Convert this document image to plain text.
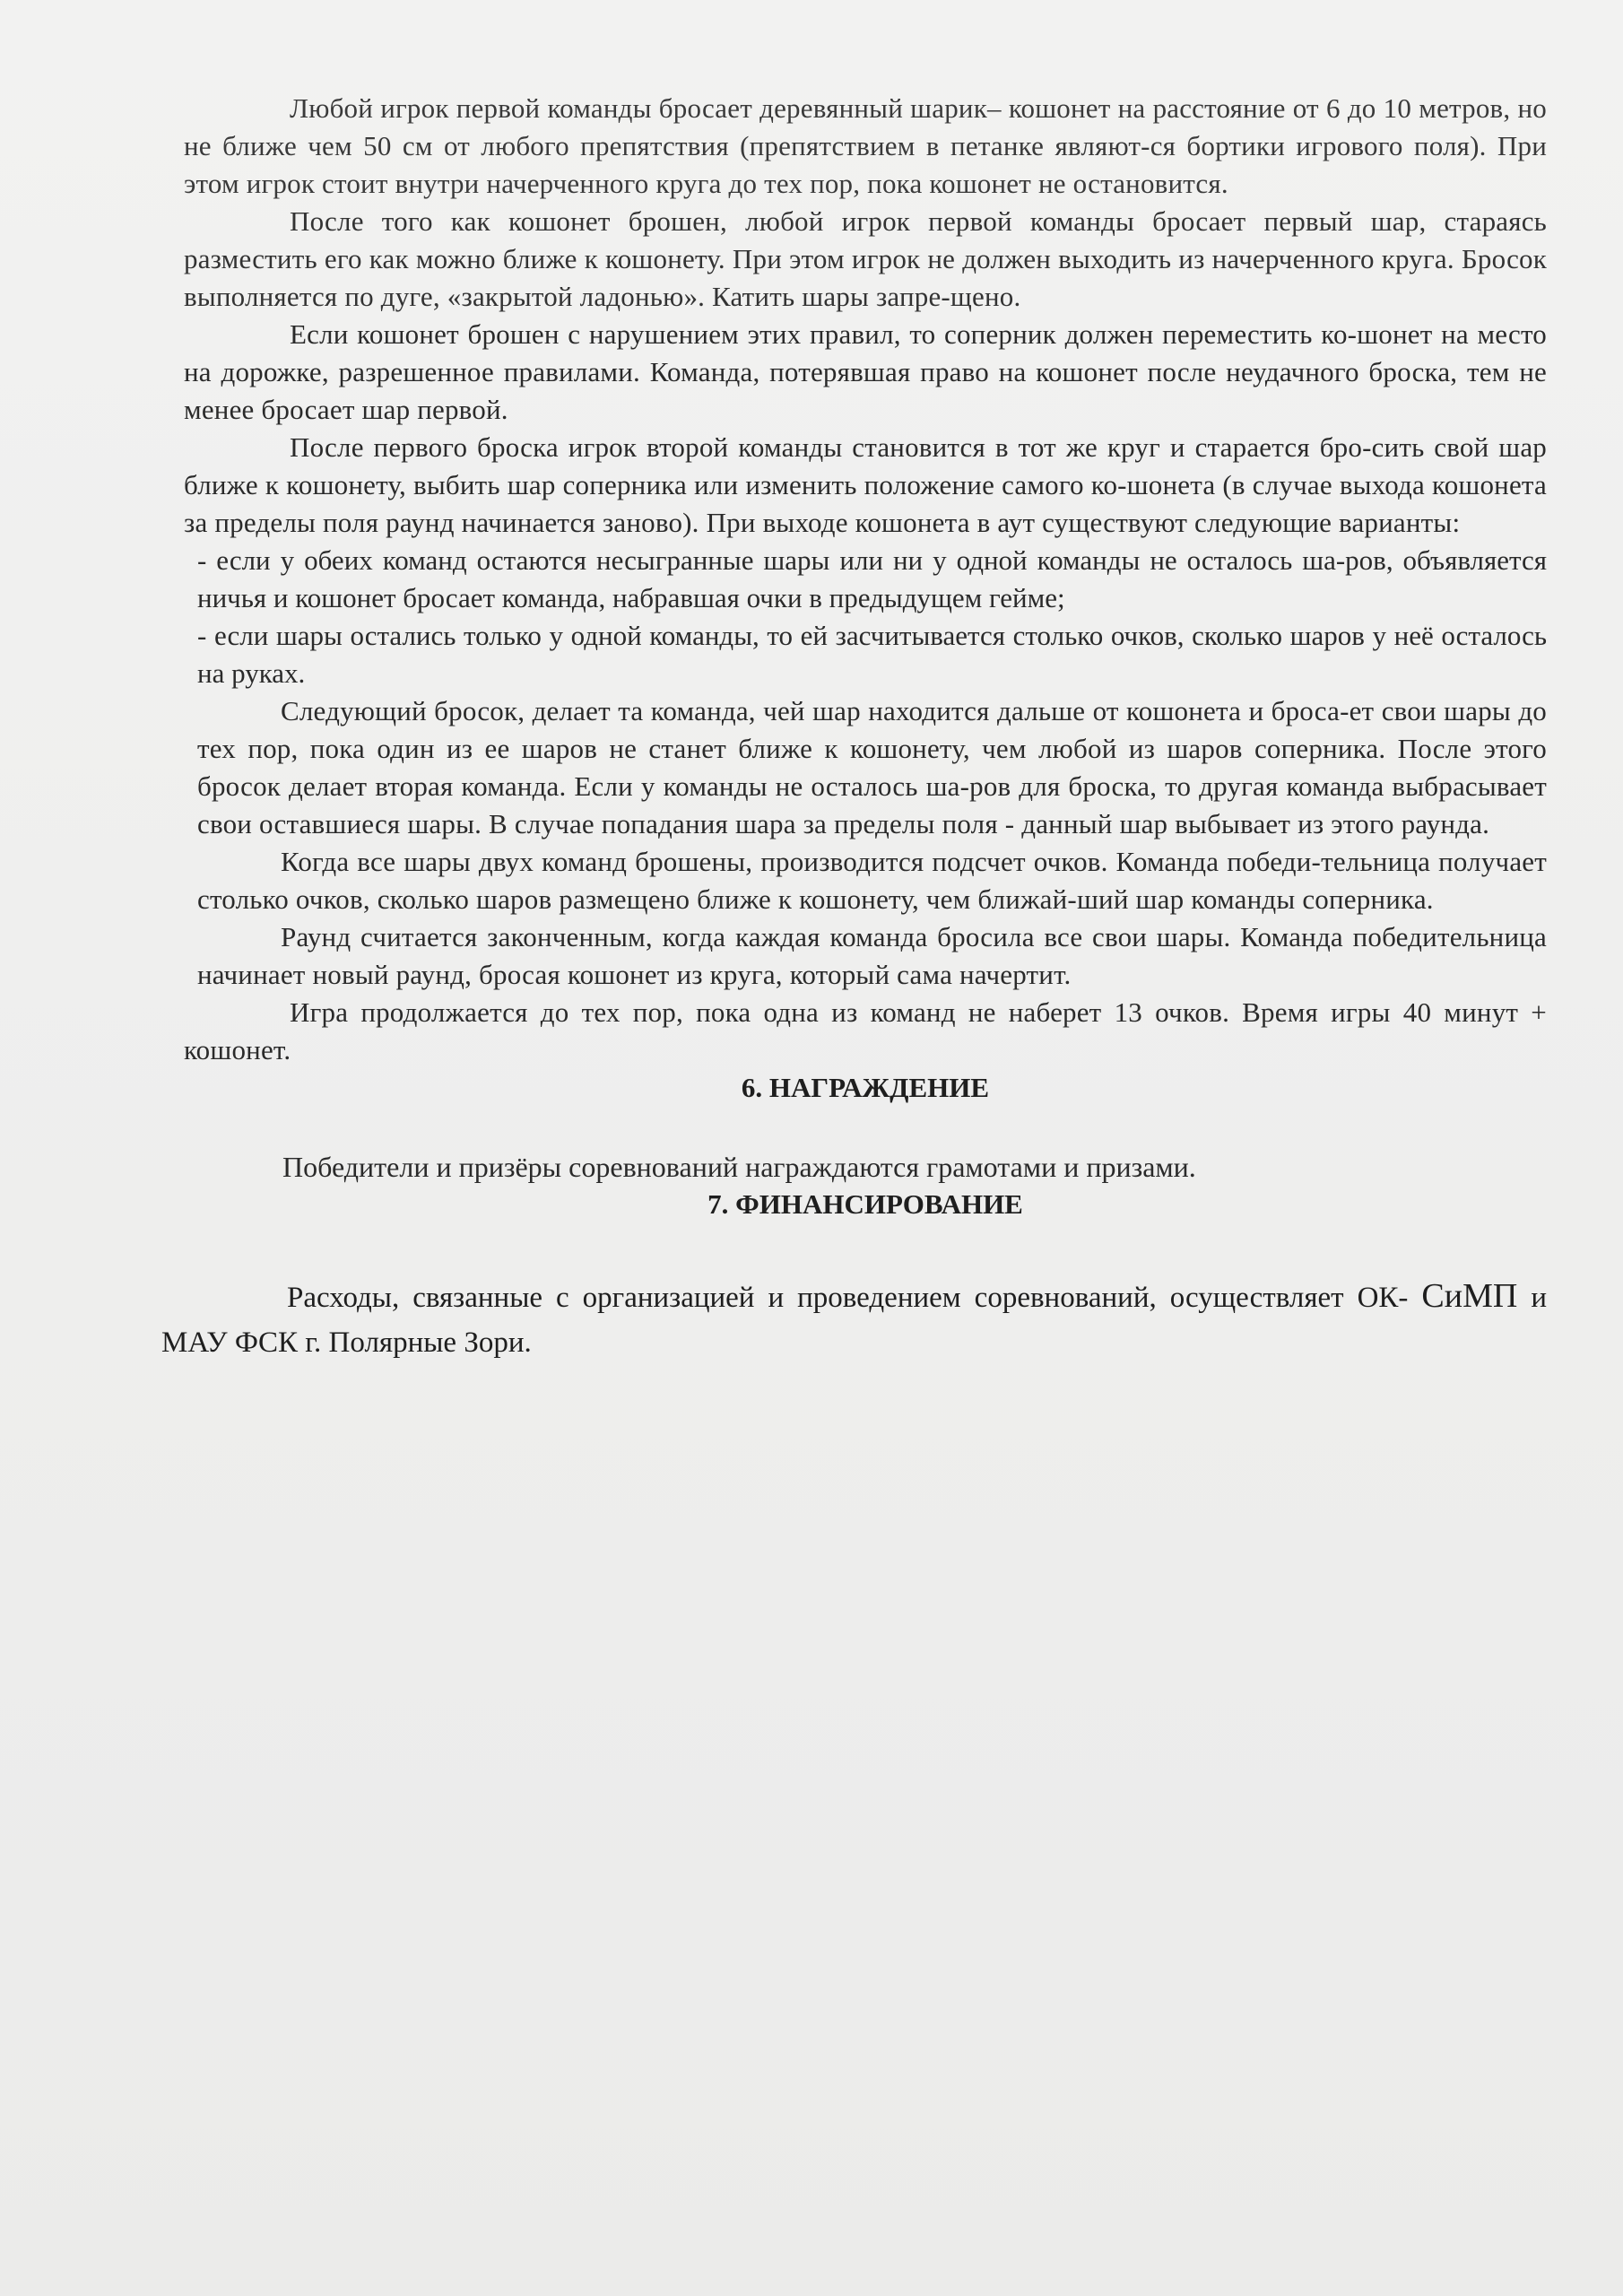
Любой игрок первой команды бросает деревянный шарик– кошонет на расстояние от 6 до 10 метров, но не ближе чем 50 см от любого препятствия (препятствием в петанке являют-ся бортики игрового поля). При этом игрок стоит внутри начерченного круга до тех пор, пока кошонет не остановится.

После того как кошонет брошен, любой игрок первой команды бросает первый шар, стараясь разместить его как можно ближе к кошонету. При этом игрок не должен выходить из начерченного круга. Бросок выполняется по дуге, «закрытой ладонью». Катить шары запре-щено.

Если кошонет брошен с нарушением этих правил, то соперник должен переместить ко-шонет на место на дорожке, разрешенное правилами. Команда, потерявшая право на кошонет после неудачного броска, тем не менее бросает шар первой.

После первого броска игрок второй команды становится в тот же круг и старается бро-сить свой шар ближе к кошонету, выбить шар соперника или изменить положение самого ко-шонета (в случае выхода кошонета за пределы поля раунд начинается заново). При выходе кошонета в аут существуют следующие варианты:

- если у обеих команд остаются несыгранные шары или ни у одной команды не осталось ша-ров, объявляется ничья и кошонет бросает команда, набравшая очки в предыдущем гейме;

- если шары остались только у одной команды, то ей засчитывается столько очков, сколько шаров у неё осталось на руках.

Следующий бросок, делает та команда, чей шар находится дальше от кошонета и броса-ет свои шары до тех пор, пока один из ее шаров не станет ближе к кошонету, чем любой из шаров соперника. После этого бросок делает вторая команда. Если у команды не осталось ша-ров для броска, то другая команда выбрасывает свои оставшиеся шары. В случае попадания шара за пределы поля - данный шар выбывает из этого раунда.

Когда все шары двух команд брошены, производится подсчет очков. Команда победи-тельница получает столько очков, сколько шаров размещено ближе к кошонету, чем ближай-ший шар команды соперника.

Раунд считается законченным, когда каждая команда бросила все свои шары. Команда победительница начинает новый раунд, бросая кошонет из круга, который сама начертит.

Игра продолжается до тех пор, пока одна из команд не наберет 13 очков. Время игры 40 минут + кошонет.

6. НАГРАЖДЕНИЕ

Победители и призёры соревнований награждаются грамотами и призами.

7. ФИНАНСИРОВАНИЕ

Расходы, связанные с организацией и проведением соревнований, осуществляет ОК- СиМП и МАУ ФСК г. Полярные Зори.
